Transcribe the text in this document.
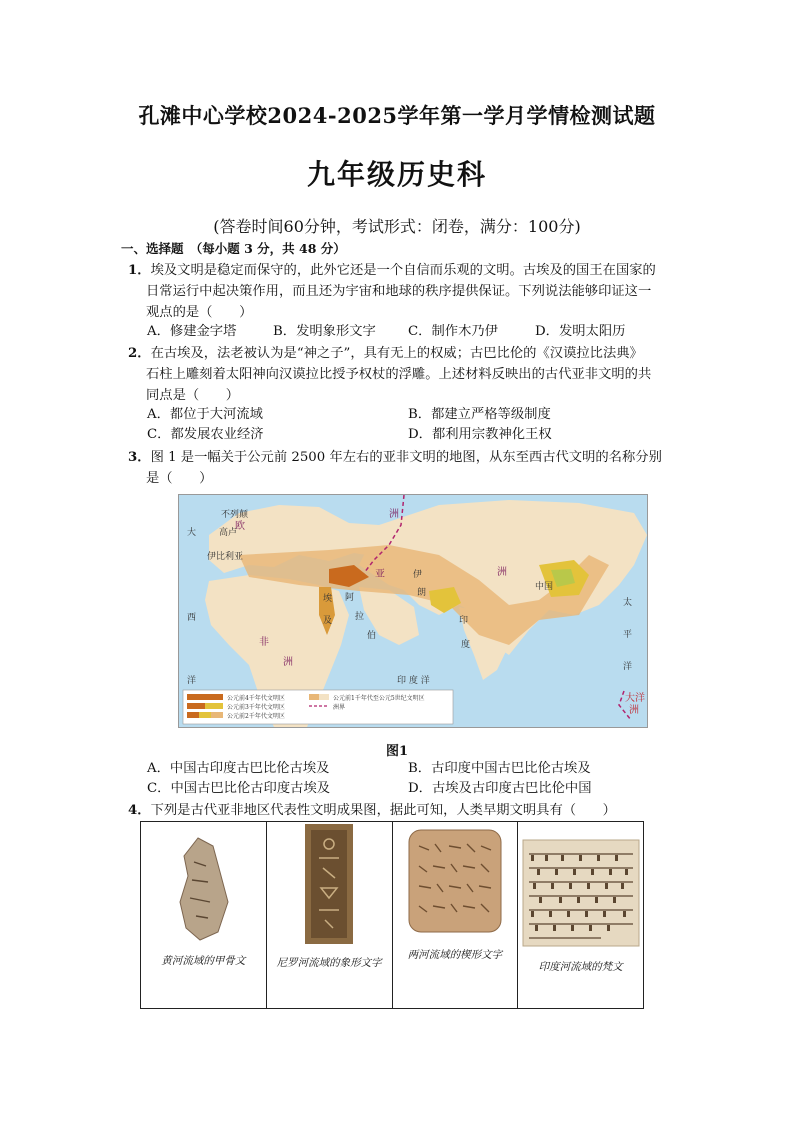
孔滩中心学校2024-2025学年第一学月学情检测试题
九年级历史科
(答卷时间60分钟，考试形式：闭卷，满分：100分)
一、选择题　（每小题 3 分，共 48 分）
1．埃及文明是稳定而保守的，此外它还是一个自信而乐观的文明。古埃及的国王在国家的
日常运行中起决策作用，而且还为宇宙和地球的秩序提供保证。下列说法能够印证这一
观点的是（　　）
A．修建金字塔	B．发明象形文字 C．制作木乃伊	D．发明太阳历
2．在古埃及，法老被认为是“神之子”，具有无上的权威；古巴比伦的《汉谟拉比法典》
石柱上雕刻着太阳神向汉谟拉比授予权杖的浮雕。上述材料反映出的古代亚非文明的共
同点是（　　）
A．都位于大河流域	B．都建立严格等级制度
C．都发展农业经济	D．都利用宗教神化王权
3．图 1 是一幅关于公元前 2500 年左右的亚非文明的地图，从东至西古代文明的名称分别
是（　　）
不列颠
欧
洲
高卢
伊比利亚
大
西
洋
亚	洲
非
洲
伊
朗
阿
拉
伯
埃
及	印
度
中国
印 度 洋
太
平
洋
大洋
洲
公元前4千年代文明区
公元前3千年代文明区
公元前2千年代文明区
公元前1千年代至公元5世纪文明区
洲界
图1
A．中国古印度古巴比伦古埃及	B．古印度中国古巴比伦古埃及
C．中国古巴比伦古印度古埃及	D．古埃及古印度古巴比伦中国
4．下列是古代亚非地区代表性文明成果图，据此可知，人类早期文明具有（　　）
黄河流域的甲骨文	尼罗河流域的象形文字

两河流域的楔形文字

印度河流域的梵文
